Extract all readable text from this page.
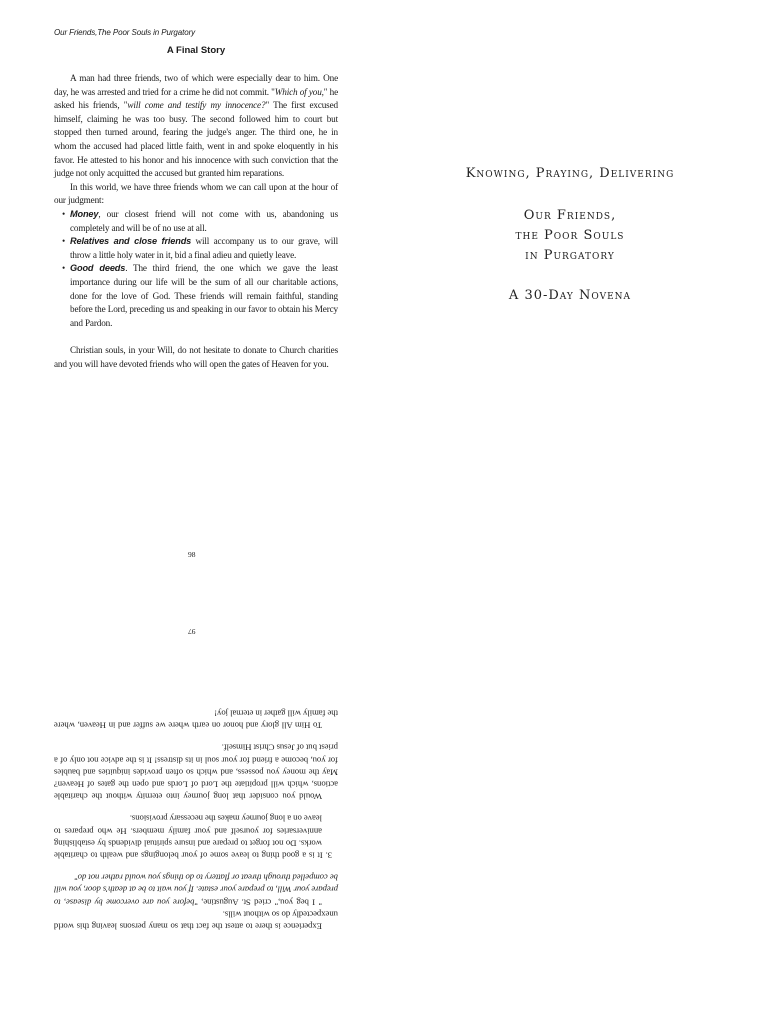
Our Friends,The Poor Souls in Purgatory
A Final Story

A man had three friends, two of which were especially dear to him. One day, he was arrested and tried for a crime he did not commit. "Which of you," he asked his friends, "will come and testify my innocence?" The first excused himself, claiming he was too busy. The second followed him to court but stopped then turned around, fearing the judge's anger. The third one, he in whom the accused had placed little faith, went in and spoke eloquently in his favor. He attested to his honor and his innocence with such conviction that the judge not only acquitted the accused but granted him reparations.

In this world, we have three friends whom we can call upon at the hour of our judgment:

• Money, our closest friend will not come with us, abandoning us completely and will be of no use at all.
• Relatives and close friends will accompany us to our grave, will throw a little holy water in it, bid a final adieu and quietly leave.
• Good deeds. The third friend, the one which we gave the least importance during our life will be the sum of all our charitable actions, done for the love of God. These friends will remain faithful, standing before the Lord, preceding us and speaking in our favor to obtain his Mercy and Pardon.

Christian souls, in your Will, do not hesitate to donate to Church charities and you will have devoted friends who will open the gates of Heaven for you.

98
97
Knowing, Praying, Delivering
Our Friends,
the Poor Souls
in Purgatory
A 30-Day Novena

Experience is there to attest the fact that so many persons leaving this world unexpectedly do so without wills.

" I beg you," cried St. Augustine, "before you are overcome by disease, to prepare your Will, to prepare your estate. If you wait to be at death's door, you will be compelled through threat or flattery to do things you would rather not do"

3. It is a good thing to leave some of your belongings and wealth to charitable works. Do not forget to prepare and insure spiritual dividends by establishing anniversaries for yourself and your family members. He who prepares to leave on a long journey makes the necessary provisions.

Would you consider that long journey into eternity without the charitable actions, which will propitiate the Lord of Lords and open the gates of Heaven? May the money you possess, and which so often provides iniquities and baubles for you, become a friend for your soul in its distress! It is the advice not only of a priest but of Jesus Christ Himself.

To Him All glory and honor on earth where we suffer and in Heaven, where the family will gather in eternal joy!
